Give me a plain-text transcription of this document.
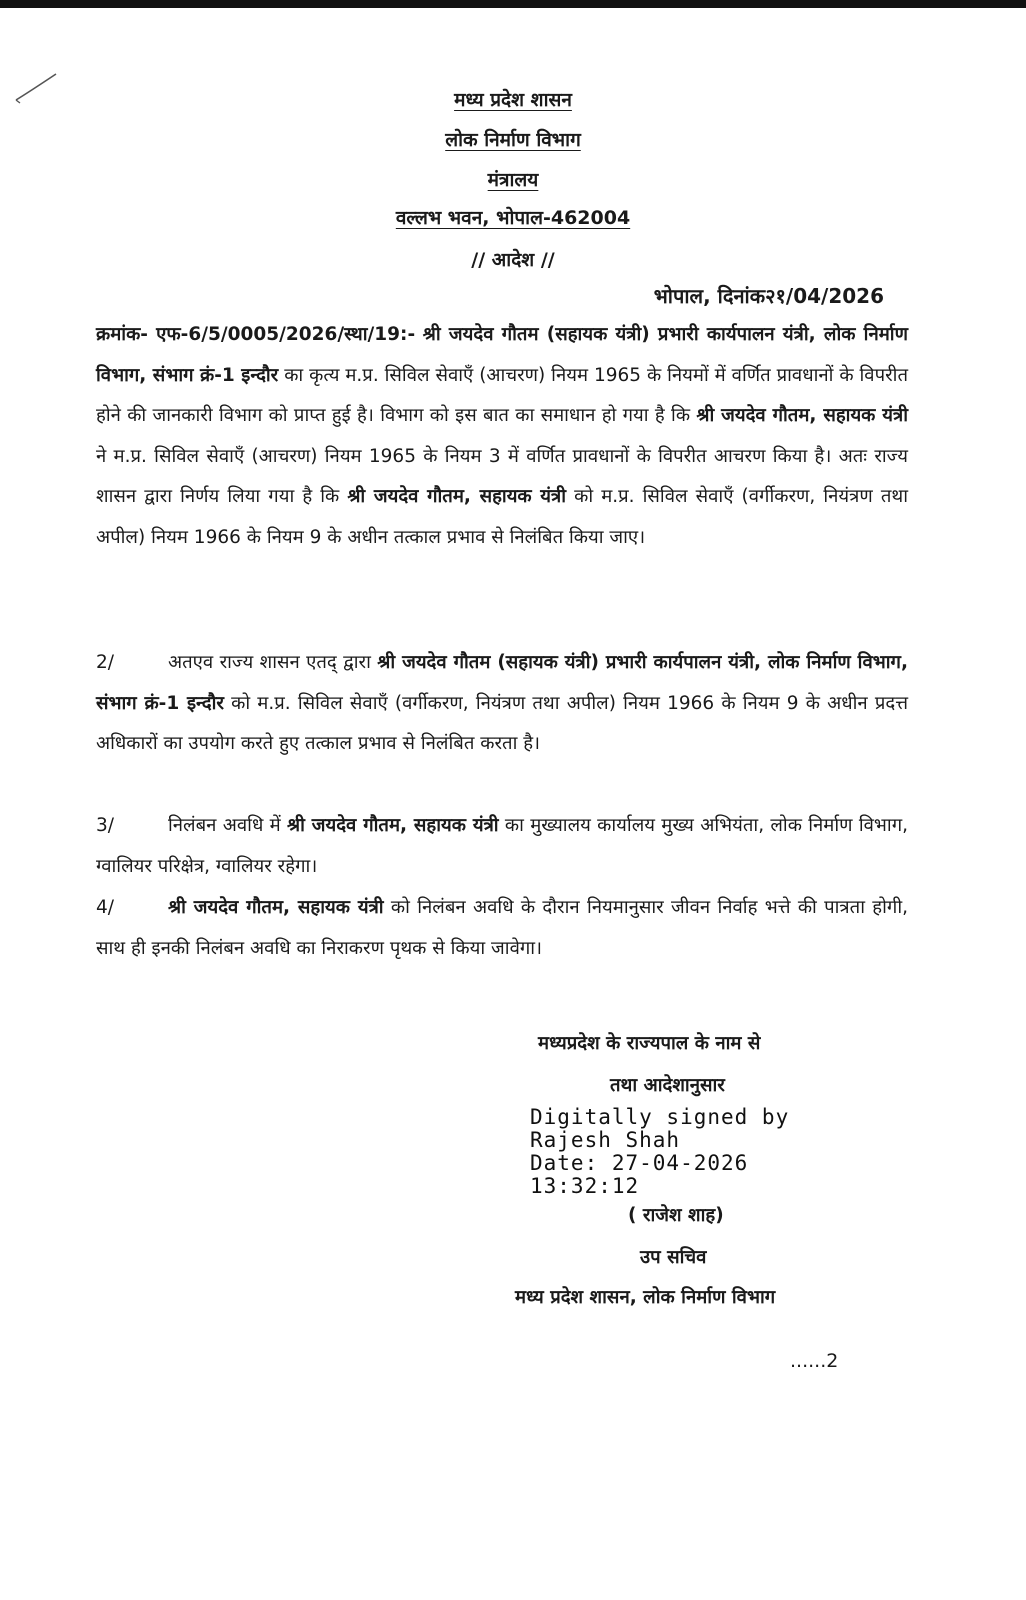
मध्य प्रदेश शासन
लोक निर्माण विभाग
मंत्रालय
वल्लभ भवन, भोपाल-462004
// आदेश //
भोपाल, दिनांक२१/04/2026
क्रमांक- एफ-6/5/0005/2026/स्था/19:- श्री जयदेव गौतम (सहायक यंत्री) प्रभारी कार्यपालन यंत्री, लोक निर्माण विभाग, संभाग क्रं-1 इन्दौर का कृत्य म.प्र. सिविल सेवाएँ (आचरण) नियम 1965 के नियमों में वर्णित प्रावधानों के विपरीत होने की जानकारी विभाग को प्राप्त हुई है। विभाग को इस बात का समाधान हो गया है कि श्री जयदेव गौतम, सहायक यंत्री ने म.प्र. सिविल सेवाएँ (आचरण) नियम 1965 के नियम 3 में वर्णित प्रावधानों के विपरीत आचरण किया है। अतः राज्य शासन द्वारा निर्णय लिया गया है कि श्री जयदेव गौतम, सहायक यंत्री को म.प्र. सिविल सेवाएँ (वर्गीकरण, नियंत्रण तथा अपील) नियम 1966 के नियम 9 के अधीन तत्काल प्रभाव से निलंबित किया जाए।
2/	अतएव राज्य शासन एतद् द्वारा श्री जयदेव गौतम (सहायक यंत्री) प्रभारी कार्यपालन यंत्री, लोक निर्माण विभाग, संभाग क्रं-1 इन्दौर को म.प्र. सिविल सेवाएँ (वर्गीकरण, नियंत्रण तथा अपील) नियम 1966 के नियम 9 के अधीन प्रदत्त अधिकारों का उपयोग करते हुए तत्काल प्रभाव से निलंबित करता है।
3/	निलंबन अवधि में श्री जयदेव गौतम, सहायक यंत्री का मुख्यालय कार्यालय मुख्य अभियंता, लोक निर्माण विभाग, ग्वालियर परिक्षेत्र, ग्वालियर रहेगा।
4/	श्री जयदेव गौतम, सहायक यंत्री को निलंबन अवधि के दौरान नियमानुसार जीवन निर्वाह भत्ते की पात्रता होगी, साथ ही इनकी निलंबन अवधि का निराकरण पृथक से किया जावेगा।
मध्यप्रदेश के राज्यपाल के नाम से
तथा आदेशानुसार
Digitally signed by
Rajesh Shah
Date: 27-04-2026
13:32:12
( राजेश शाह)
उप सचिव
मध्य प्रदेश शासन, लोक निर्माण विभाग
......2
